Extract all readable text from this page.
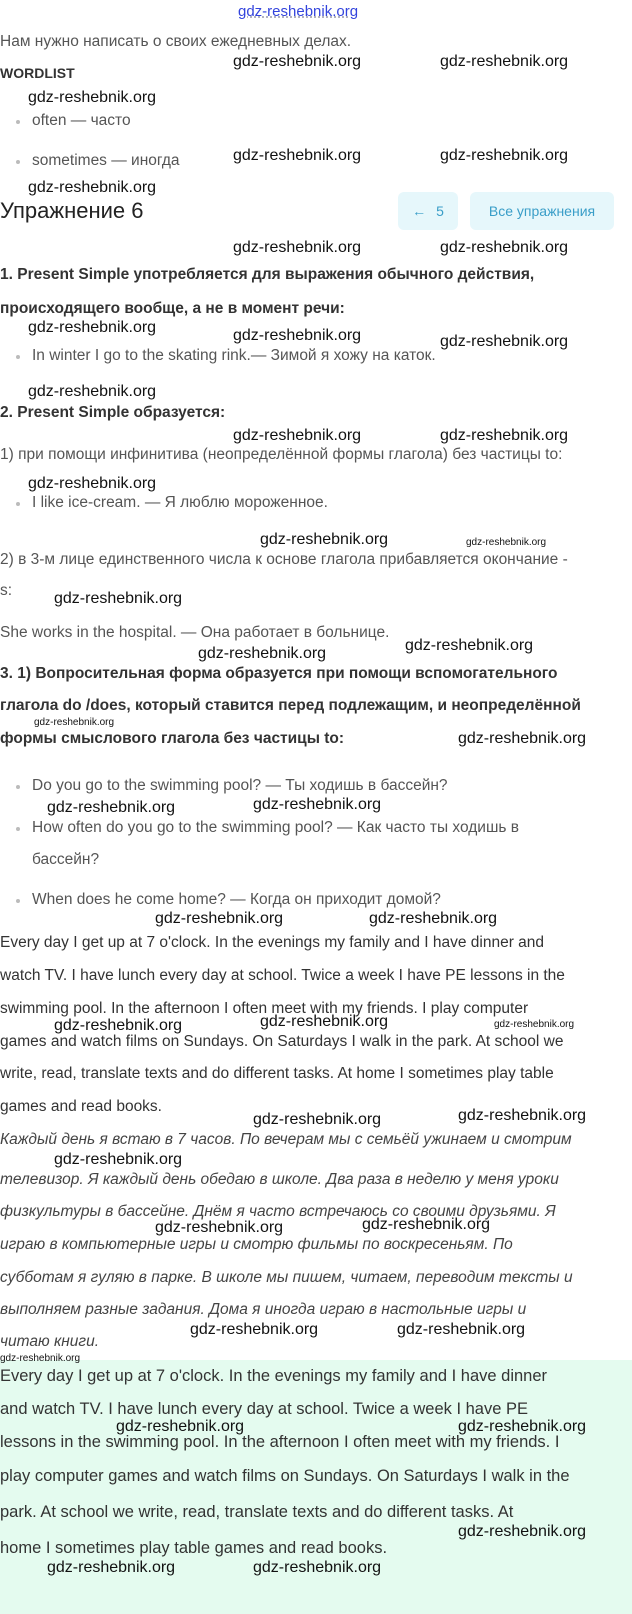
gdz-reshebnik.org
Нам нужно написать о своих ежедневных делах.
WORDLIST
often — часто
sometimes — иногда
Упражнение 6	← 5	Все упражнения
1. Present Simple употребляется для выражения обычного действия,
происходящего вообще, а не в момент речи:
In winter I go to the skating rink.— Зимой я хожу на каток.
2. Present Simple образуется:
1) при помощи инфинитива (неопределённой формы глагола) без частицы to:
I like ice-cream. — Я люблю мороженное.
2) в 3-м лице единственного числа к основе глагола прибавляется окончание -
s:
She works in the hospital. — Она работает в больнице.
3. 1) Вопросительная форма образуется при помощи вспомогательного
глагола do /does, который ставится перед подлежащим, и неопределённой
формы смыслового глагола без частицы to:
Do you go to the swimming pool? — Ты ходишь в бассейн?
How often do you go to the swimming pool? — Как часто ты ходишь в
бассейн?
When does he come home? — Когда он приходит домой?
Every day I get up at 7 o'clock. In the evenings my family and I have dinner and
watch TV. I have lunch every day at school. Twice a week I have PE lessons in the
swimming pool. In the afternoon I often meet with my friends. I play computer
games and watch films on Sundays. On Saturdays I walk in the park. At school we
write, read, translate texts and do different tasks. At home I sometimes play table
games and read books.
Каждый день я встаю в 7 часов. По вечерам мы с семьёй ужинаем и смотрим
телевизор. Я каждый день обедаю в школе. Два раза в неделю у меня уроки
физкультуры в бассейне. Днём я часто встречаюсь со своими друзьями. Я
играю в компьютерные игры и смотрю фильмы по воскресеньям. По
субботам я гуляю в парке. В школе мы пишем, читаем, переводим тексты и
выполняем разные задания. Дома я иногда играю в настольные игры и
читаю книги.
Every day I get up at 7 o'clock. In the evenings my family and I have dinner
and watch TV. I have lunch every day at school. Twice a week I have PE
lessons in the swimming pool. In the afternoon I often meet with my friends. I
play computer games and watch films on Sundays. On Saturdays I walk in the
park. At school we write, read, translate texts and do different tasks. At
home I sometimes play table games and read books.
gdz-reshebnik.org	gdz-reshebnik.org
gdz-reshebnik.org
gdz-reshebnik.org	gdz-reshebnik.org
gdz-reshebnik.org
gdz-reshebnik.org	gdz-reshebnik.org
gdz-reshebnik.org	gdz-reshebnik.org	gdz-reshebnik.org
gdz-reshebnik.org
gdz-reshebnik.org	gdz-reshebnik.org
gdz-reshebnik.org
gdz-reshebnik.org	gdz-reshebnik.org
gdz-reshebnik.org
gdz-reshebnik.org
gdz-reshebnik.org
gdz-reshebnik.org
gdz-reshebnik.org
gdz-reshebnik.org	gdz-reshebnik.org
gdz-reshebnik.org	gdz-reshebnik.org
gdz-reshebnik.org	gdz-reshebnik.org	gdz-reshebnik.org
gdz-reshebnik.org
gdz-reshebnik.org	gdz-reshebnik.org
gdz-reshebnik.org	gdz-reshebnik.org
gdz-reshebnik.org
gdz-reshebnik.org	gdz-reshebnik.org
gdz-reshebnik.org	gdz-reshebnik.org
gdz-reshebnik.org	gdz-reshebnik.org
gdz-reshebnik.org
